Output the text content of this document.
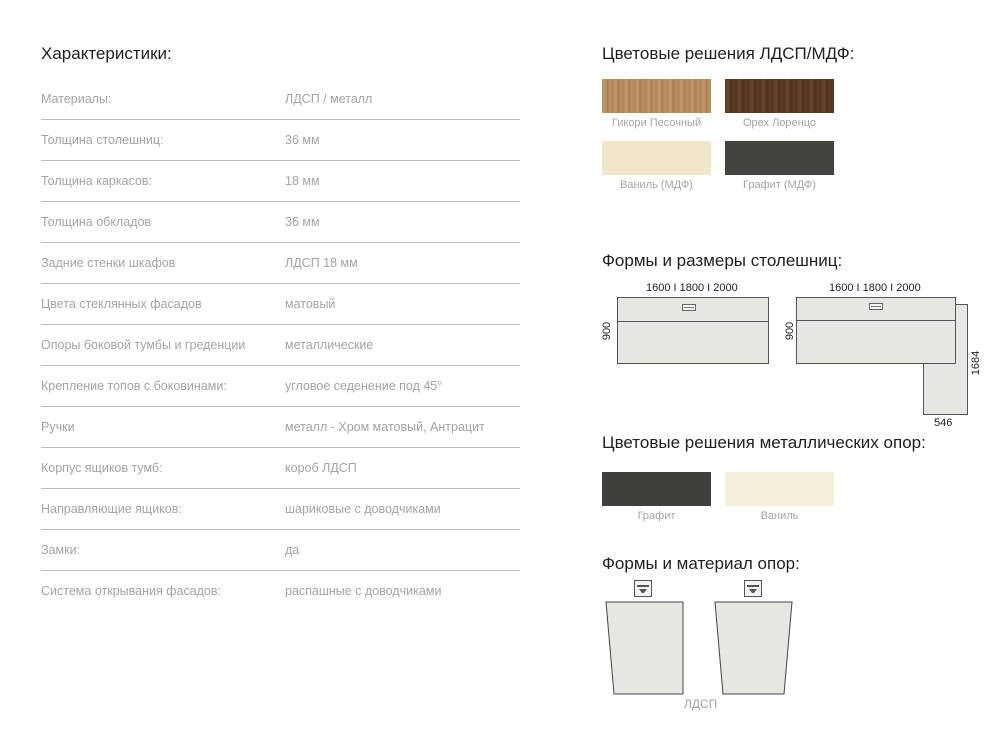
Характеристики:
Материалы:	ЛДСП / металл
Толщина столешниц:	36 мм
Толщина каркасов:	18 мм
Толщина обкладов	36 мм
Задние стенки шкафов	ЛДСП 18 мм
Цвета стеклянных фасадов	матовый
Опоры боковой тумбы и греденции	металлические
Крепление топов с боковинами:	угловое седенение под 45°
Ручки	металл - Хром матовый, Антрацит
Корпус ящиков тумб:	короб ЛДСП
Направляющие ящиков:	шариковые с доводчиками
Замки:	да
Система открывания фасадов:	распашные с доводчиками
Цветовые решения ЛДСП/МДФ:
Гикори Песочный	Орех Лоренцо
Ваниль (МДФ)	Графит (МДФ)
Формы и размеры столешниц:
1600 I 1800 I 2000
900
1600 I 1800 I 2000
900
1684
546
Цветовые решения металлических опор:
Графит	Ваниль
Формы и материал опор:
ЛДСП
